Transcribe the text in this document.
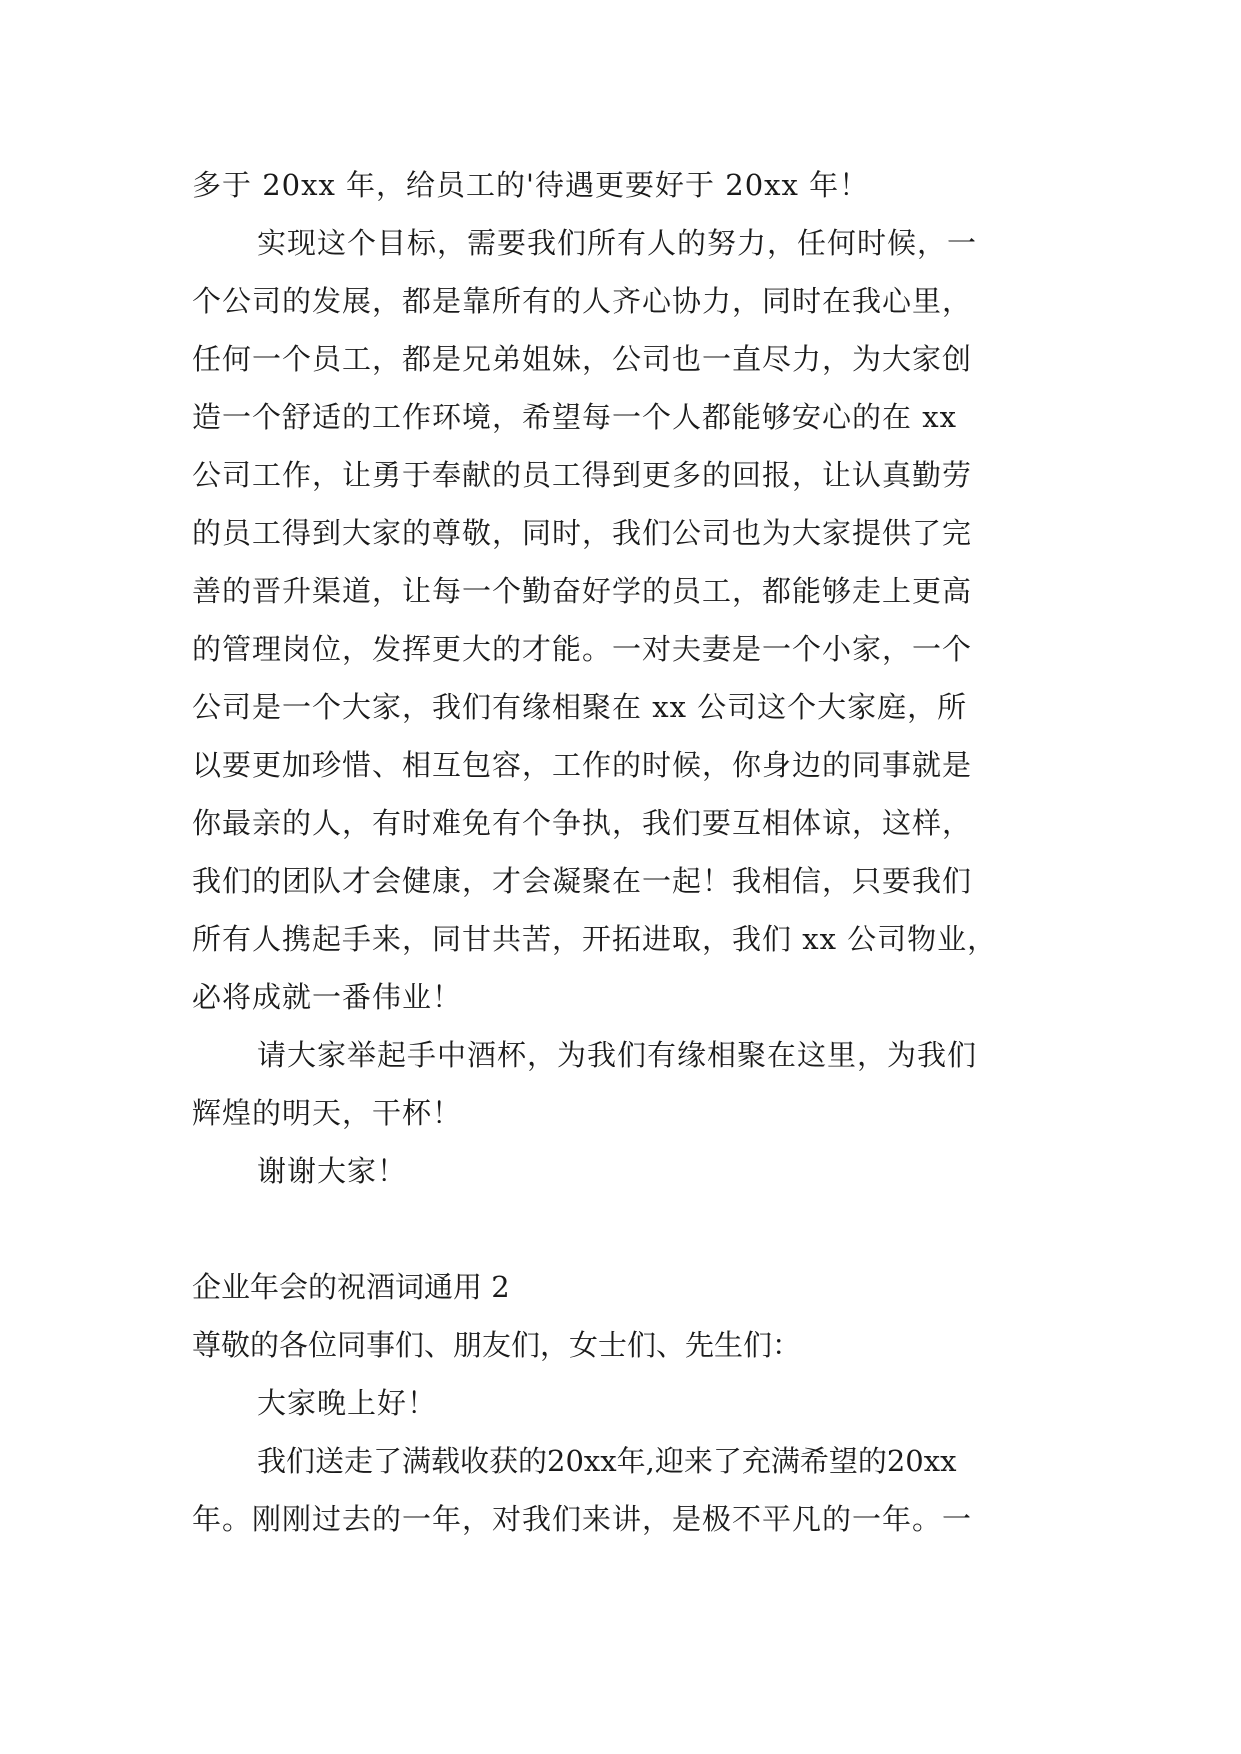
多于 20xx 年，给员工的'待遇更要好于 20xx 年！
实现这个目标，需要我们所有人的努力，任何时候，一
个公司的发展，都是靠所有的人齐心协力，同时在我心里，
任何一个员工，都是兄弟姐妹，公司也一直尽力，为大家创
造一个舒适的工作环境，希望每一个人都能够安心的在 xx
公司工作，让勇于奉献的员工得到更多的回报，让认真勤劳
的员工得到大家的尊敬，同时，我们公司也为大家提供了完
善的晋升渠道，让每一个勤奋好学的员工，都能够走上更高
的管理岗位，发挥更大的才能。一对夫妻是一个小家，一个
公司是一个大家，我们有缘相聚在 xx 公司这个大家庭，所
以要更加珍惜、相互包容，工作的时候，你身边的同事就是
你最亲的人，有时难免有个争执，我们要互相体谅，这样，
我们的团队才会健康，才会凝聚在一起！我相信，只要我们
所有人携起手来，同甘共苦，开拓进取，我们 xx 公司物业，
必将成就一番伟业！
请大家举起手中酒杯，为我们有缘相聚在这里，为我们
辉煌的明天，干杯！
谢谢大家！
企业年会的祝酒词通用 2
尊敬的各位同事们、朋友们，女士们、先生们：
大家晚上好！
我们送走了满载收获的20xx年,迎来了充满希望的20xx
年。刚刚过去的一年，对我们来讲，是极不平凡的一年。一
